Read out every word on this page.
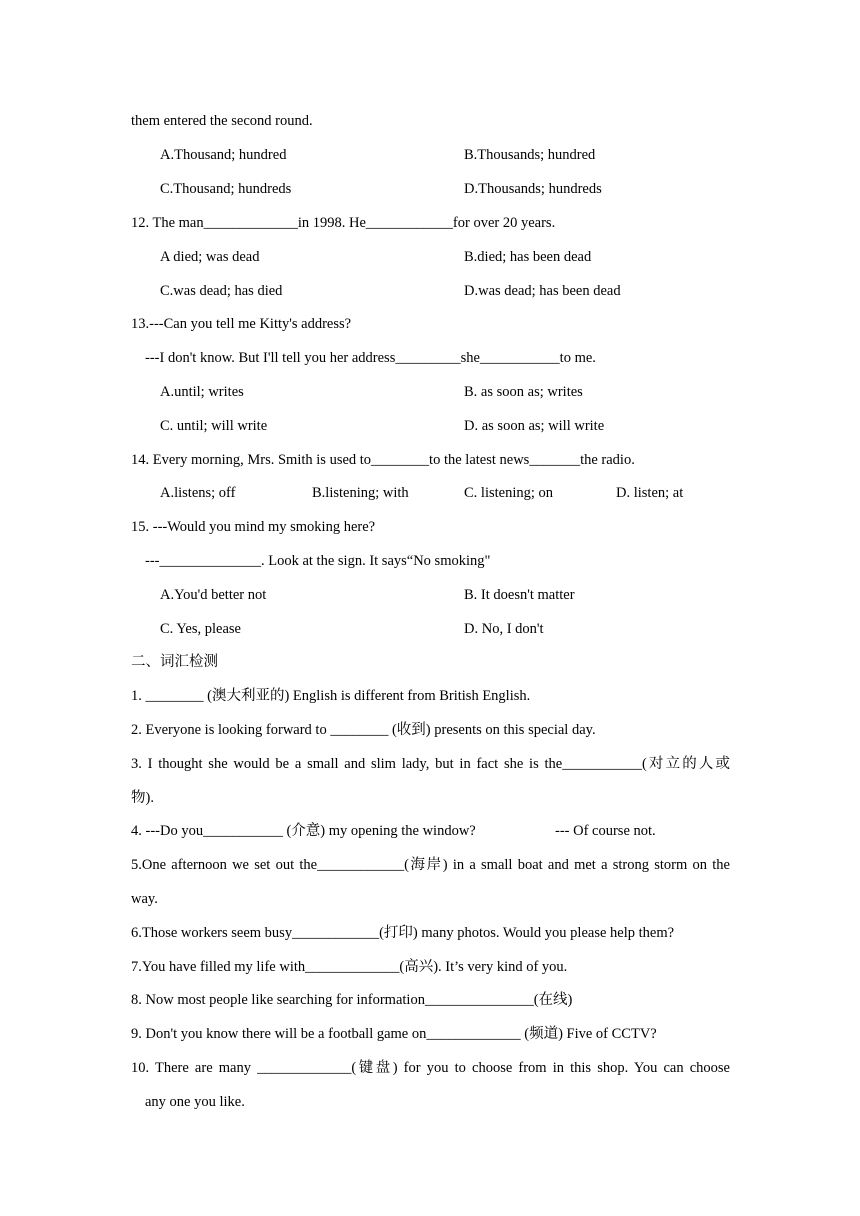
them entered the second round.
A.Thousand; hundred	B.Thousands; hundred
C.Thousand; hundreds	D.Thousands; hundreds
12. The man_____________in 1998. He____________for over 20 years.
A died; was dead	B.died; has been dead
C.was dead; has died	D.was dead; has been dead
13.---Can you tell me Kitty's address?
---I don't know. But I'll tell you her address_________she___________to me.
A.until; writes	B. as soon as; writes
C. until; will write	D. as soon as; will write
14. Every morning, Mrs. Smith is used to________to the latest news_______the radio.
A.listens; off	B.listening; with	C. listening; on	D. listen; at
15. ---Would you mind my smoking here?
---______________. Look at the sign. It says“No smoking"
A.You'd better not	B. It doesn't matter
C. Yes, please	D. No, I don't
二、词汇检测
1. ________ (澳大利亚的) English is different from British English.
2. Everyone is looking forward to ________ (收到) presents on this special day.
3. I thought she would be a small and slim lady, but in fact she is the___________(对立的人或
物).
4. ---Do you___________ (介意) my opening the window?	--- Of course not.
5.One afternoon we set out the____________(海岸) in a small boat and met a strong storm on the
way.
6.Those workers seem busy____________(打印) many photos. Would you please help them?
7.You have filled my life with_____________(高兴). It’s very kind of you.
8. Now most people like searching for information_______________(在线)
9. Don't you know there will be a football game on_____________ (频道) Five of CCTV?
10. There are many _____________(键盘) for you to choose from in this shop. You can choose
any one you like.
